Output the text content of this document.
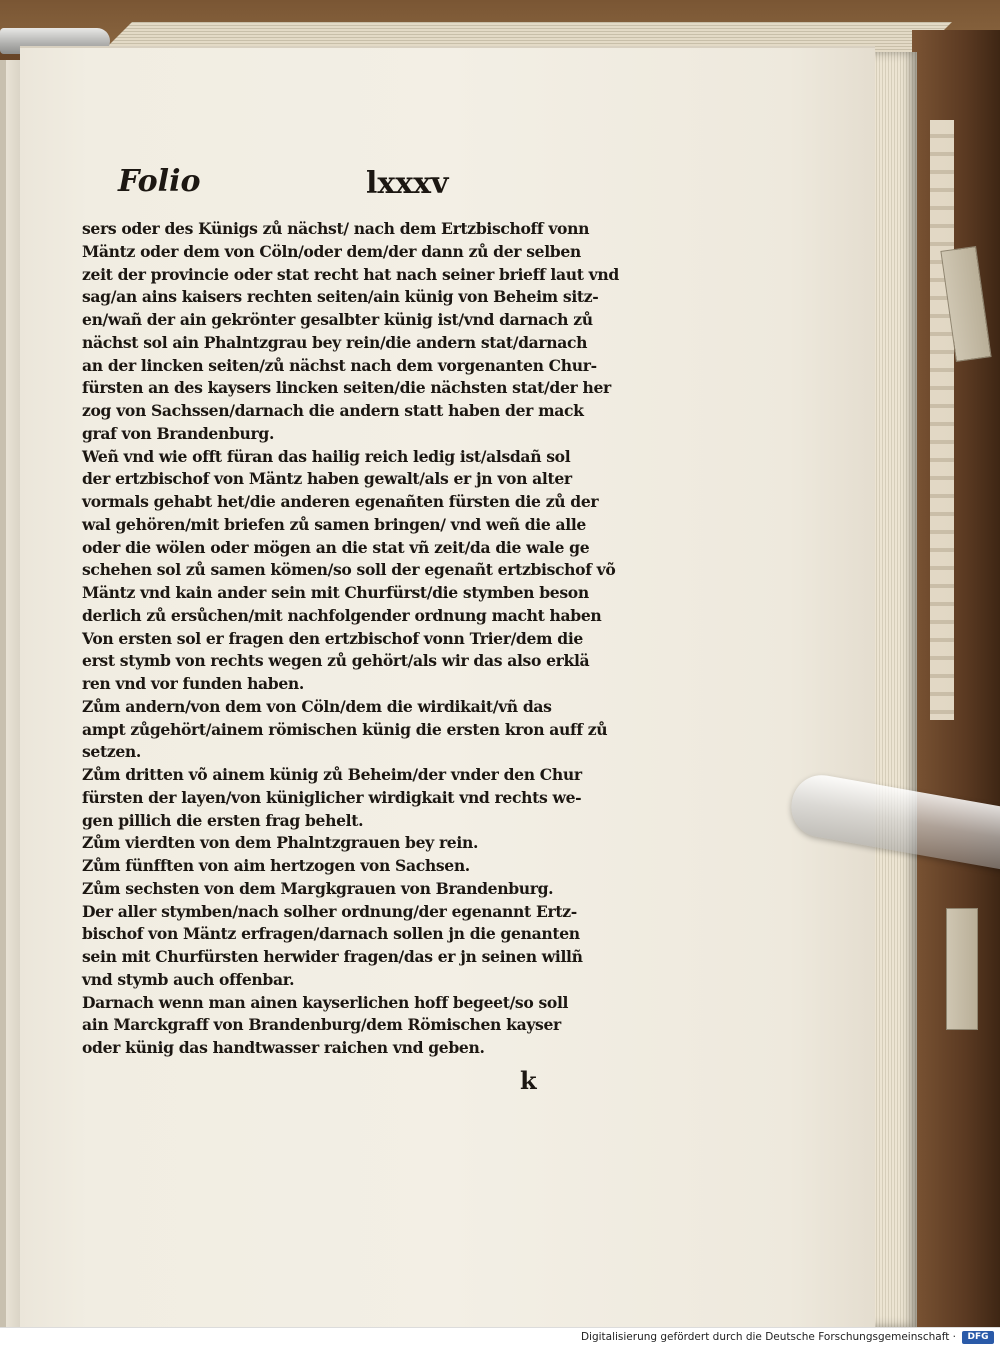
Folio	lxxxv
sers oder des Künigs zů nächst/ nach dem Ertzbischoff vonn
Mäntz oder dem von Cöln/oder dem/der dann zů der selben
zeit der provincie oder stat recht hat nach seiner brieff laut vnd
sag/an ains kaisers rechten seiten/ain künig von Beheim sitz-
en/wañ der ain gekrönter gesalbter künig ist/vnd darnach zů
nächst sol ain Phalntzgrau bey rein/die andern stat/darnach
an der lincken seiten/zů nächst nach dem vorgenanten Chur-
fürsten an des kaysers lincken seiten/die nächsten stat/der her
zog von Sachssen/darnach die andern statt haben der mack
graf von Brandenburg.
Weñ vnd wie offt füran das hailig reich ledig ist/alsdañ sol
der ertzbischof von Mäntz haben gewalt/als er jn von alter
vormals gehabt het/die anderen egenañten fürsten die zů der
wal gehören/mit briefen zů samen bringen/ vnd weñ die alle
oder die wölen oder mögen an die stat vñ zeit/da die wale ge
schehen sol zů samen kömen/so soll der egenañt ertzbischof võ
Mäntz vnd kain ander sein mit Churfürst/die stymben beson
derlich zů ersůchen/mit nachfolgender ordnung macht haben
Von ersten sol er fragen den ertzbischof vonn Trier/dem die
erst stymb von rechts wegen zů gehört/als wir das also erklä
ren vnd vor funden haben.
Zům andern/von dem von Cöln/dem die wirdikait/vñ das
ampt zůgehört/ainem römischen künig die ersten kron auff zů
setzen.
Zům dritten võ ainem künig zů Beheim/der vnder den Chur
fürsten der layen/von küniglicher wirdigkait vnd rechts we-
gen pillich die ersten frag behelt.
Zům vierdten von dem Phalntzgrauen bey rein.
Zům fünfften von aim hertzogen von Sachsen.
Zům sechsten von dem Margkgrauen von Brandenburg.
Der aller stymben/nach solher ordnung/der egenannt Ertz-
bischof von Mäntz erfragen/darnach sollen jn die genanten
sein mit Churfürsten herwider fragen/das er jn seinen willñ
vnd stymb auch offenbar.
Darnach wenn man ainen kayserlichen hoff begeet/so soll
ain Marckgraff von Brandenburg/dem Römischen kayser
oder künig das handtwasser raichen vnd geben.
k
Digitalisierung gefördert durch die Deutsche Forschungsgemeinschaft ·	DFG
